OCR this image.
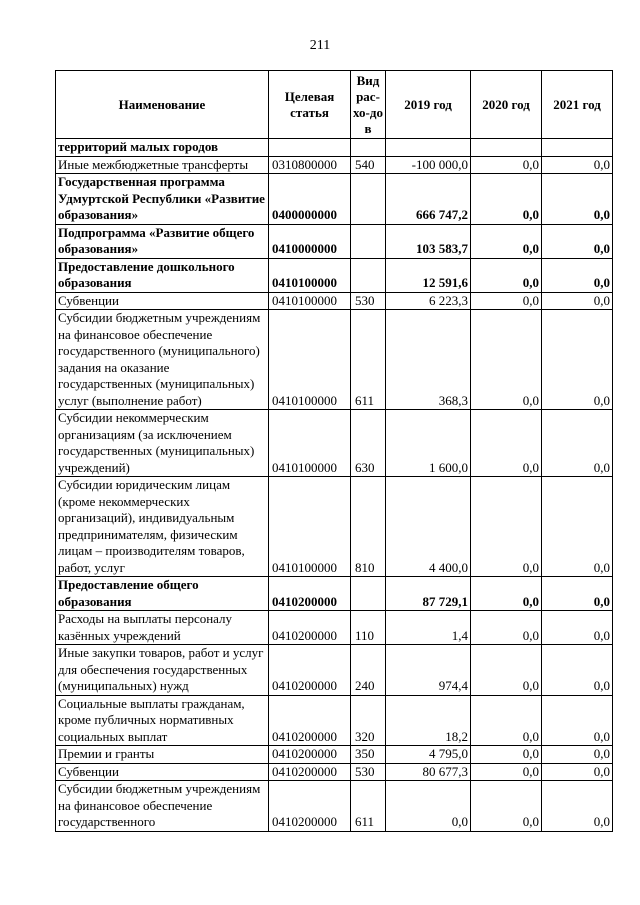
211
Наименование	Целевая статья	Вид рас-хо-дов	2019 год	2020 год	2021 год
территорий малых городов					
Иные межбюджетные трансферты	0310800000	540	-100 000,0	0,0	0,0
Государственная программа Удмуртской Республики «Развитие образования»	0400000000		666 747,2	0,0	0,0
Подпрограмма «Развитие общего образования»	0410000000		103 583,7	0,0	0,0
Предоставление дошкольного образования	0410100000		12 591,6	0,0	0,0
Субвенции	0410100000	530	6 223,3	0,0	0,0
Субсидии бюджетным учреждениям на финансовое обеспечение государственного (муниципального) задания на оказание государственных (муниципальных) услуг (выполнение работ)	0410100000	611	368,3	0,0	0,0
Субсидии некоммерческим организациям (за исключением государственных (муниципальных) учреждений)	0410100000	630	1 600,0	0,0	0,0
Субсидии юридическим лицам (кроме некоммерческих организаций), индивидуальным предпринимателям, физическим лицам – производителям товаров, работ, услуг	0410100000	810	4 400,0	0,0	0,0
Предоставление общего образования	0410200000		87 729,1	0,0	0,0
Расходы на выплаты персоналу казённых учреждений	0410200000	110	1,4	0,0	0,0
Иные закупки товаров, работ и услуг для обеспечения государственных (муниципальных) нужд	0410200000	240	974,4	0,0	0,0
Социальные выплаты гражданам, кроме публичных нормативных социальных выплат	0410200000	320	18,2	0,0	0,0
Премии и гранты	0410200000	350	4 795,0	0,0	0,0
Субвенции	0410200000	530	80 677,3	0,0	0,0
Субсидии бюджетным учреждениям на финансовое обеспечение государственного	0410200000	611	0,0	0,0	0,0
